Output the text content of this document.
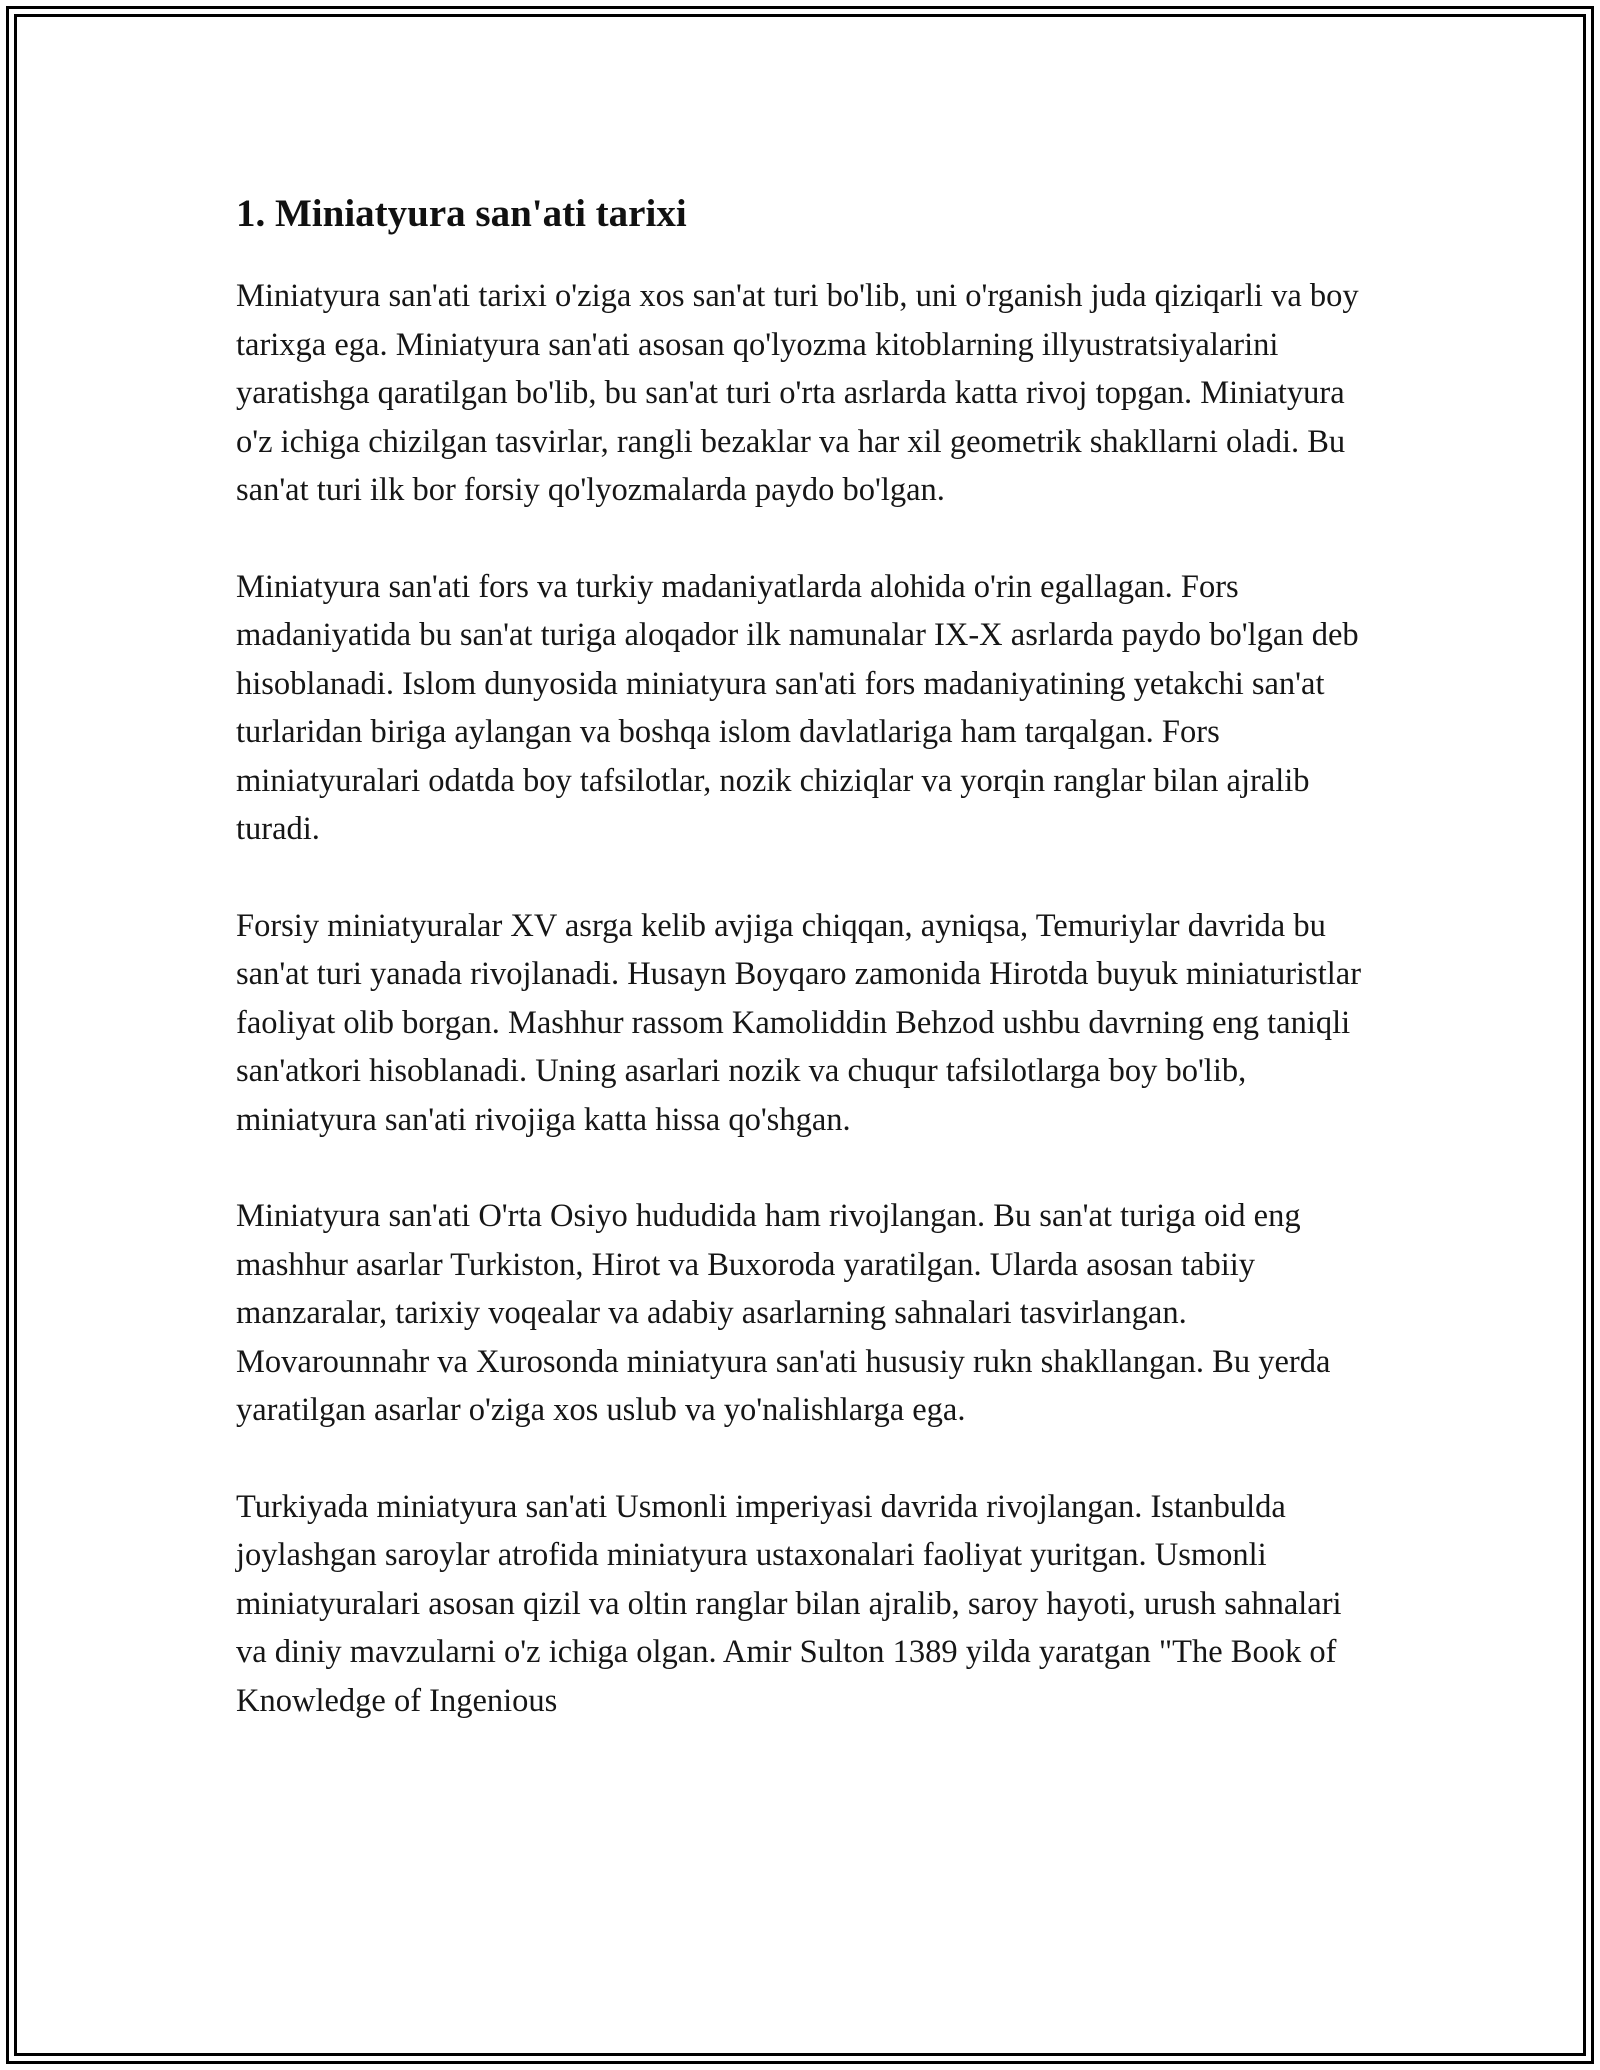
1. Miniatyura san'ati tarixi

Miniatyura san'ati tarixi o'ziga xos san'at turi bo'lib, uni o'rganish juda qiziqarli va boy tarixga ega. Miniatyura san'ati asosan qo'lyozma kitoblarning illyustratsiyalarini yaratishga qaratilgan bo'lib, bu san'at turi o'rta asrlarda katta rivoj topgan. Miniatyura o'z ichiga chizilgan tasvirlar, rangli bezaklar va har xil geometrik shakllarni oladi. Bu san'at turi ilk bor forsiy qo'lyozmalarda paydo bo'lgan.

Miniatyura san'ati fors va turkiy madaniyatlarda alohida o'rin egallagan. Fors madaniyatida bu san'at turiga aloqador ilk namunalar IX-X asrlarda paydo bo'lgan deb hisoblanadi. Islom dunyosida miniatyura san'ati fors madaniyatining yetakchi san'at turlaridan biriga aylangan va boshqa islom davlatlariga ham tarqalgan. Fors miniatyuralari odatda boy tafsilotlar, nozik chiziqlar va yorqin ranglar bilan ajralib turadi.

Forsiy miniatyuralar XV asrga kelib avjiga chiqqan, ayniqsa, Temuriylar davrida bu san'at turi yanada rivojlanadi. Husayn Boyqaro zamonida Hirotda buyuk miniaturistlar faoliyat olib borgan. Mashhur rassom Kamoliddin Behzod ushbu davrning eng taniqli san'atkori hisoblanadi. Uning asarlari nozik va chuqur tafsilotlarga boy bo'lib, miniatyura san'ati rivojiga katta hissa qo'shgan.

Miniatyura san'ati O'rta Osiyo hududida ham rivojlangan. Bu san'at turiga oid eng mashhur asarlar Turkiston, Hirot va Buxoroda yaratilgan. Ularda asosan tabiiy manzaralar, tarixiy voqealar va adabiy asarlarning sahnalari tasvirlangan. Movarounnahr va Xurosonda miniatyura san'ati hususiy rukn shakllangan. Bu yerda yaratilgan asarlar o'ziga xos uslub va yo'nalishlarga ega.

Turkiyada miniatyura san'ati Usmonli imperiyasi davrida rivojlangan. Istanbulda joylashgan saroylar atrofida miniatyura ustaxonalari faoliyat yuritgan. Usmonli miniatyuralari asosan qizil va oltin ranglar bilan ajralib, saroy hayoti, urush sahnalari va diniy mavzularni o'z ichiga olgan. Amir Sulton 1389 yilda yaratgan "The Book of Knowledge of Ingenious
